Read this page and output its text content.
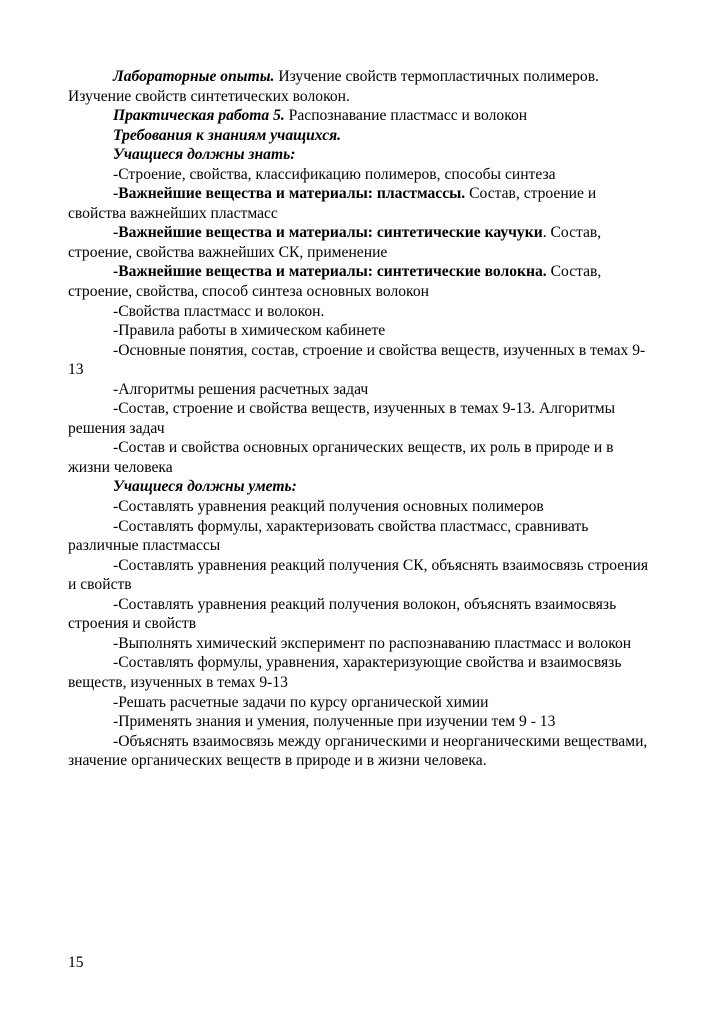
Лабораторные опыты. Изучение свойств термопластичных полимеров. Изучение свойств синтетических волокон.

Практическая работа 5. Распознавание пластмасс и волокон

Требования к знаниям учащихся.

Учащиеся должны знать:

-Строение, свойства, классификацию полимеров, способы синтеза

-Важнейшие вещества и материалы: пластмассы. Состав, строение и свойства важнейших пластмасс

-Важнейшие вещества и материалы: синтетические каучуки. Состав, строение, свойства важнейших СК, применение

-Важнейшие вещества и материалы: синтетические волокна. Состав, строение, свойства, способ синтеза основных волокон

-Свойства пластмасс и волокон.

-Правила работы в химическом кабинете

-Основные понятия, состав, строение и свойства веществ, изученных в темах 9-13

-Алгоритмы решения расчетных задач

-Состав, строение и свойства веществ, изученных в темах 9-13. Алгоритмы решения задач

-Состав и свойства основных органических веществ, их роль в природе и в жизни человека

Учащиеся должны уметь:

-Составлять уравнения реакций получения основных полимеров

-Составлять формулы, характеризовать свойства пластмасс, сравнивать различные пластмассы

-Составлять уравнения реакций получения СК, объяснять взаимосвязь строения и свойств

-Составлять уравнения реакций получения волокон, объяснять взаимосвязь строения и свойств

-Выполнять химический эксперимент по распознаванию пластмасс и волокон

-Составлять формулы, уравнения, характеризующие свойства и взаимосвязь веществ, изученных в темах 9-13

-Решать расчетные задачи по курсу органической химии

-Применять знания и умения, полученные при изучении тем 9 - 13

-Объяснять взаимосвязь между органическими и неорганическими веществами, значение органических веществ в природе и в жизни человека.

15
